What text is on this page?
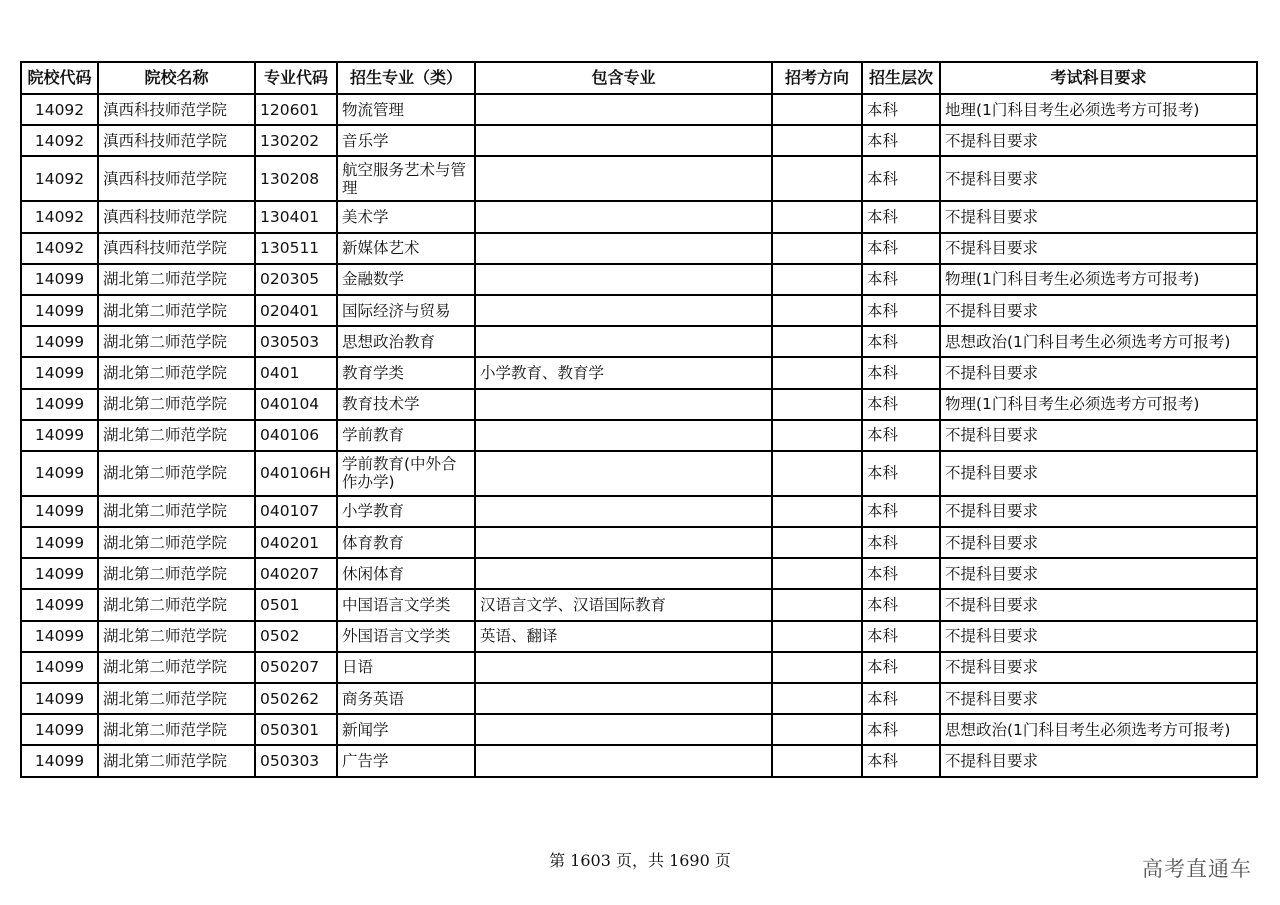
院校代码	院校名称	专业代码	招生专业（类）	包含专业	招考方向	招生层次	考试科目要求
14092	滇西科技师范学院	120601	物流管理			本科	地理(1门科目考生必须选考方可报考)
14092	滇西科技师范学院	130202	音乐学			本科	不提科目要求
14092	滇西科技师范学院	130208	航空服务艺术与管理			本科	不提科目要求
14092	滇西科技师范学院	130401	美术学			本科	不提科目要求
14092	滇西科技师范学院	130511	新媒体艺术			本科	不提科目要求
14099	湖北第二师范学院	020305	金融数学			本科	物理(1门科目考生必须选考方可报考)
14099	湖北第二师范学院	020401	国际经济与贸易			本科	不提科目要求
14099	湖北第二师范学院	030503	思想政治教育			本科	思想政治(1门科目考生必须选考方可报考)
14099	湖北第二师范学院	0401	教育学类	小学教育、教育学		本科	不提科目要求
14099	湖北第二师范学院	040104	教育技术学			本科	物理(1门科目考生必须选考方可报考)
14099	湖北第二师范学院	040106	学前教育			本科	不提科目要求
14099	湖北第二师范学院	040106H	学前教育(中外合作办学)			本科	不提科目要求
14099	湖北第二师范学院	040107	小学教育			本科	不提科目要求
14099	湖北第二师范学院	040201	体育教育			本科	不提科目要求
14099	湖北第二师范学院	040207	休闲体育			本科	不提科目要求
14099	湖北第二师范学院	0501	中国语言文学类	汉语言文学、汉语国际教育		本科	不提科目要求
14099	湖北第二师范学院	0502	外国语言文学类	英语、翻译		本科	不提科目要求
14099	湖北第二师范学院	050207	日语			本科	不提科目要求
14099	湖北第二师范学院	050262	商务英语			本科	不提科目要求
14099	湖北第二师范学院	050301	新闻学			本科	思想政治(1门科目考生必须选考方可报考)
14099	湖北第二师范学院	050303	广告学			本科	不提科目要求
第 1603 页，共 1690 页	高考直通车
